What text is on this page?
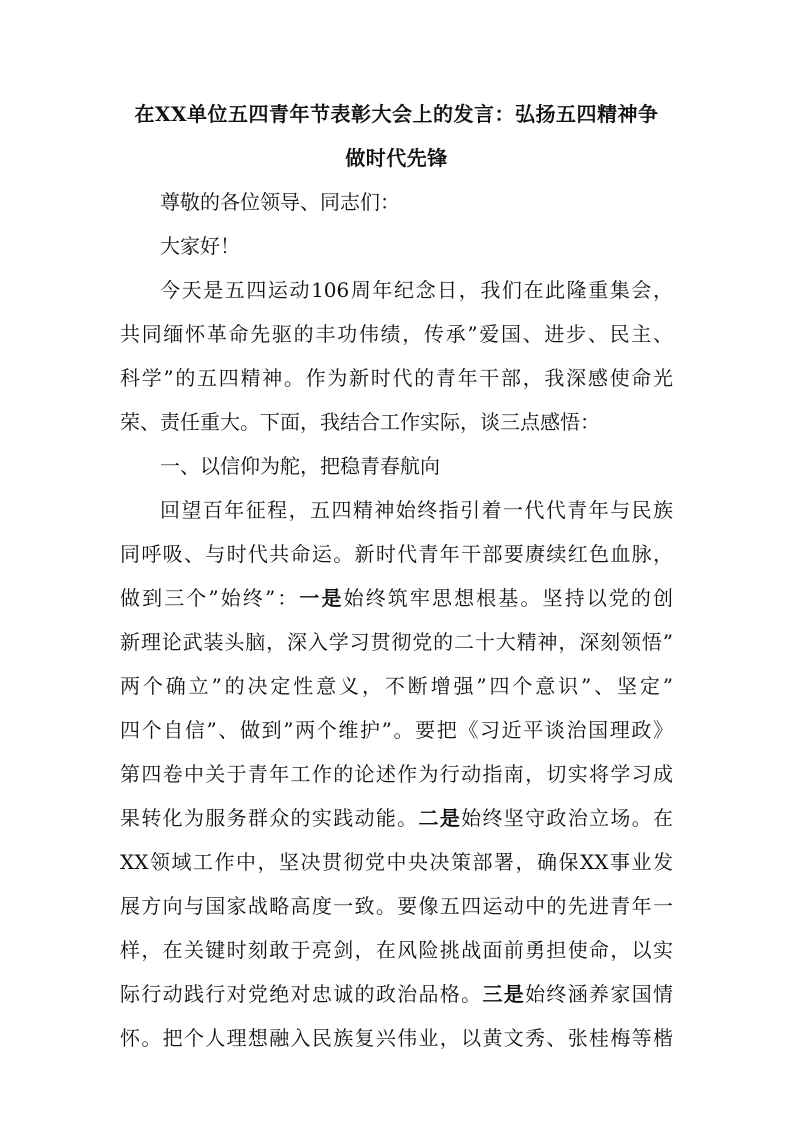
在XX单位五四青年节表彰大会上的发言：弘扬五四精神争

做时代先锋

尊敬的各位领导、同志们：

大家好！

今天是五四运动106周年纪念日，我们在此隆重集会，

共同缅怀革命先驱的丰功伟绩，传承”爱国、进步、民主、

科学”的五四精神。作为新时代的青年干部，我深感使命光

荣、责任重大。下面，我结合工作实际，谈三点感悟：

一、以信仰为舵，把稳青春航向

回望百年征程，五四精神始终指引着一代代青年与民族

同呼吸、与时代共命运。新时代青年干部要赓续红色血脉，

做到三个”始终”：一是始终筑牢思想根基。坚持以党的创

新理论武装头脑，深入学习贯彻党的二十大精神，深刻领悟”

两个确立”的决定性意义，不断增强”四个意识”、坚定”

四个自信”、做到”两个维护”。要把《习近平谈治国理政》

第四卷中关于青年工作的论述作为行动指南，切实将学习成

果转化为服务群众的实践动能。二是始终坚守政治立场。在

XX领域工作中，坚决贯彻党中央决策部署，确保XX事业发

展方向与国家战略高度一致。要像五四运动中的先进青年一

样，在关键时刻敢于亮剑，在风险挑战面前勇担使命，以实

际行动践行对党绝对忠诚的政治品格。三是始终涵养家国情

怀。把个人理想融入民族复兴伟业，以黄文秀、张桂梅等楷
